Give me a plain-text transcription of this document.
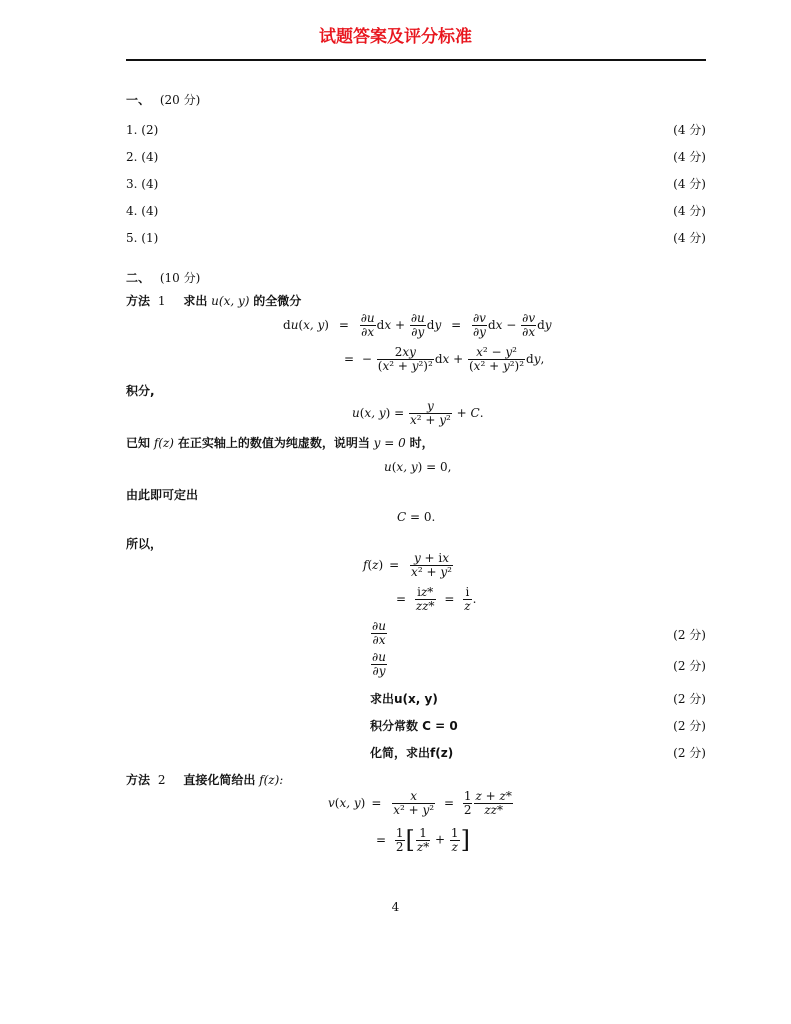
试题答案及评分标准
一、 (20 分)
1. (2)	(4 分)
2. (4)	(4 分)
3. (4)	(4 分)
4. (4)	(4 分)
5. (1)	(4 分)
二、 (10 分)
方法 1 求出 u(x, y) 的全微分
du(x, $y) = \frac{\partial u}{\partial x}$ dx + $\frac{\partial u}{\partial y}$ dy = $\frac{\partial v}{\partial y}$ dx − $\frac{\partial v}{\partial x}$ dy
= − $\frac{2xy}{\text{(x² + y²)²}}$ dx + $\frac{\text{x² − y²}}{\text{(x² + y²)²}}$ dy,
积分,
u(x, $y) = \frac{y}{\text{x² + y²}} + C$.
已知 f(z) 在正实轴上的数值为纯虚数，说明当 y = 0 时，
u(x, y) = 0,
由此即可定出
C = 0.
所以，
$f(z) = \frac{y + ix}{\text{x² + y²}}$
= $\frac{iz*}{zz*} = \frac{i}{z}$ .
$\frac{\partial u}{\partial x}$	(2 分)
$\frac{\partial u}{\partial y}$	(2 分)
求出u(x, y)	(2 分)
积分常数 C = 0	(2 分)
化简，求出f(z)	(2 分)
方法 2 直接化简给出 f(z):
v(x, $y) = \frac{x}{\text{x² + y²}} = \frac{1}{2} \frac{z + z*}{zz*}$
= $\frac{1}{2}$ [ $\frac{1}{z*} + \frac{1}{z}$ ]
4
